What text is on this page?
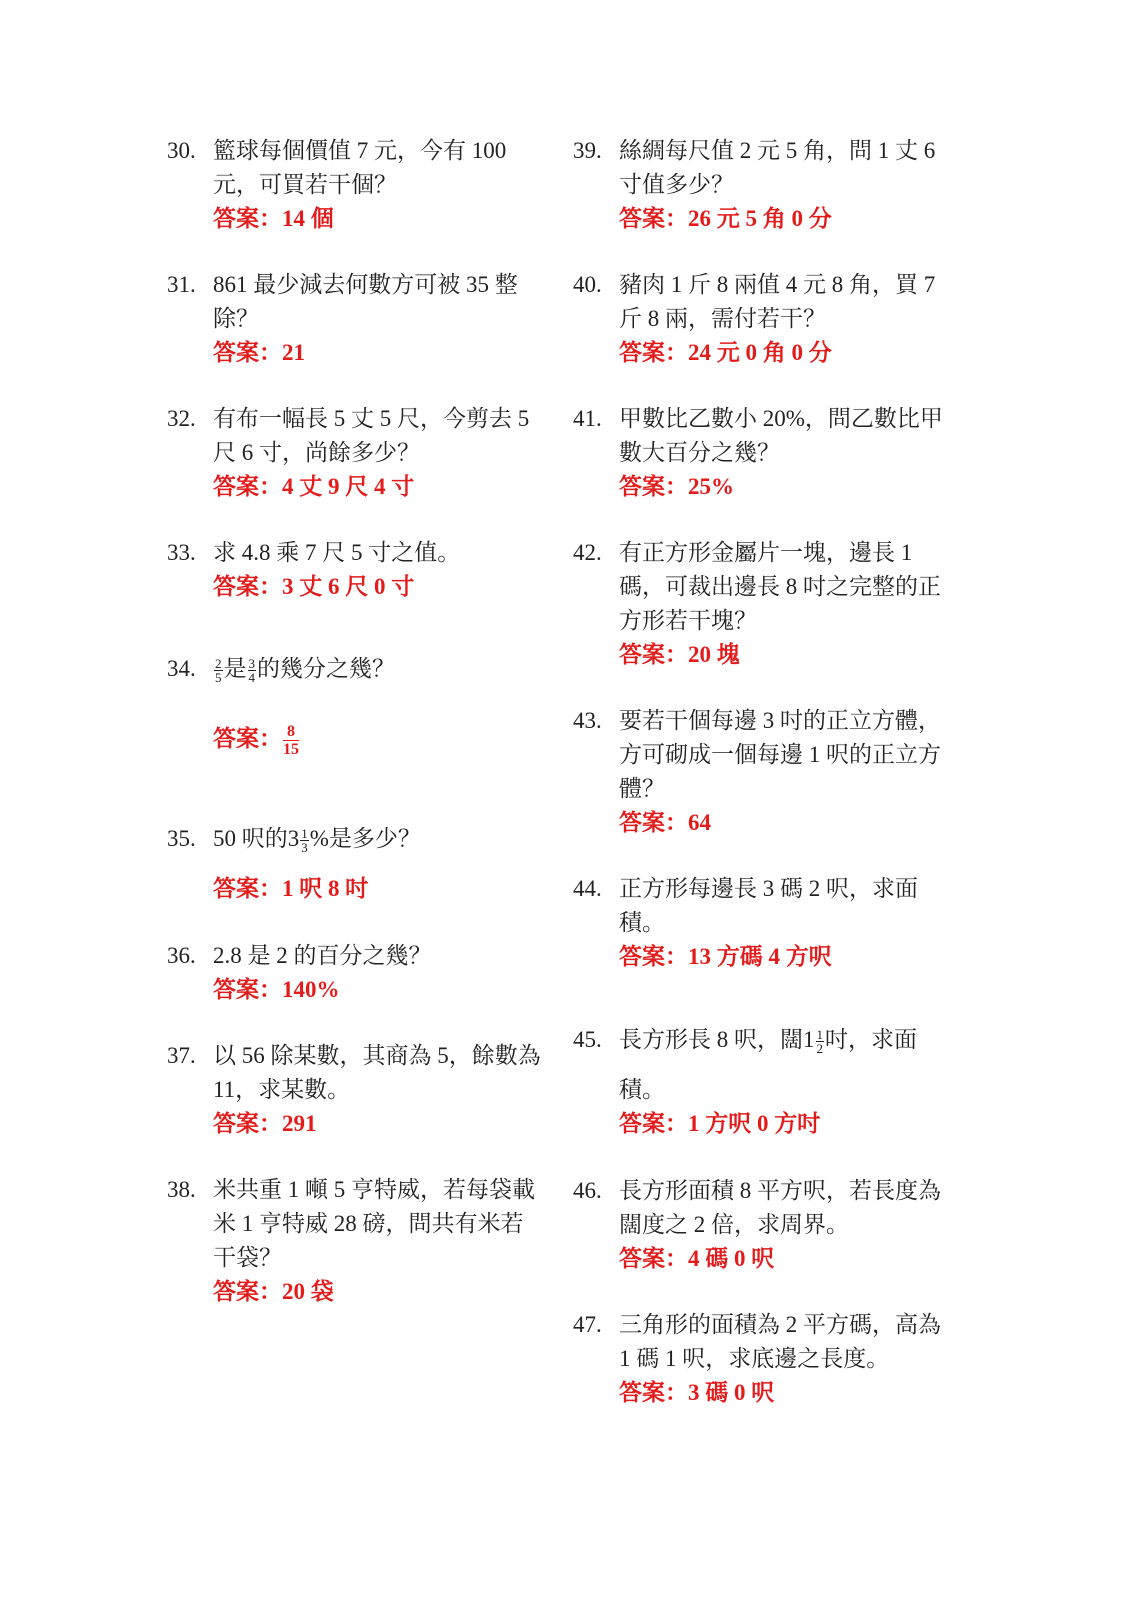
30. 籃球每個價值 7 元，今有 100
元，可買若干個？
答案：14 個
31. 861 最少減去何數方可被 35 整
除？
答案：21
32. 有布一幅長 5 丈 5 尺，今剪去 5
尺 6 寸，尚餘多少？
答案：4 丈 9 尺 4 寸
33. 求 4.8 乘 7 尺 5 寸之值。
答案：3 丈 6 尺 0 寸
34. $\frac{2}{5}$ 是 $\frac{3}{4}$ 的幾分之幾？
答案： $\frac{8}{15}$
35. 50 呎的$3 \frac{1}{3}$ %是多少？
答案：1 呎 8 吋
36. 2.8 是 2 的百分之幾？
答案：140%
37. 以 56 除某數，其商為 5，餘數為
11，求某數。
答案：291
38. 米共重 1 噸 5 亨特威，若每袋載
米 1 亨特威 28 磅，問共有米若
干袋？
答案：20 袋
39. 絲綢每尺值 2 元 5 角，問 1 丈 6
寸值多少？
答案：26 元 5 角 0 分
40. 豬肉 1 斤 8 兩值 4 元 8 角，買 7
斤 8 兩，需付若干？
答案：24 元 0 角 0 分
41. 甲數比乙數小 20%，問乙數比甲
數大百分之幾？
答案：25%
42. 有正方形金屬片一塊，邊長 1
碼，可裁出邊長 8 吋之完整的正
方形若干塊？
答案：20 塊
43. 要若干個每邊 3 吋的正立方體，
方可砌成一個每邊 1 呎的正立方
體？
答案：64
44. 正方形每邊長 3 碼 2 呎，求面
積。
答案：13 方碼 4 方呎
45. 長方形長 8 呎，闊$1 \frac{1}{2}$ 吋，求面
積。
答案：1 方呎 0 方吋
46. 長方形面積 8 平方呎，若長度為
闊度之 2 倍，求周界。
答案：4 碼 0 呎
47. 三角形的面積為 2 平方碼，高為
1 碼 1 呎，求底邊之長度。
答案：3 碼 0 呎
